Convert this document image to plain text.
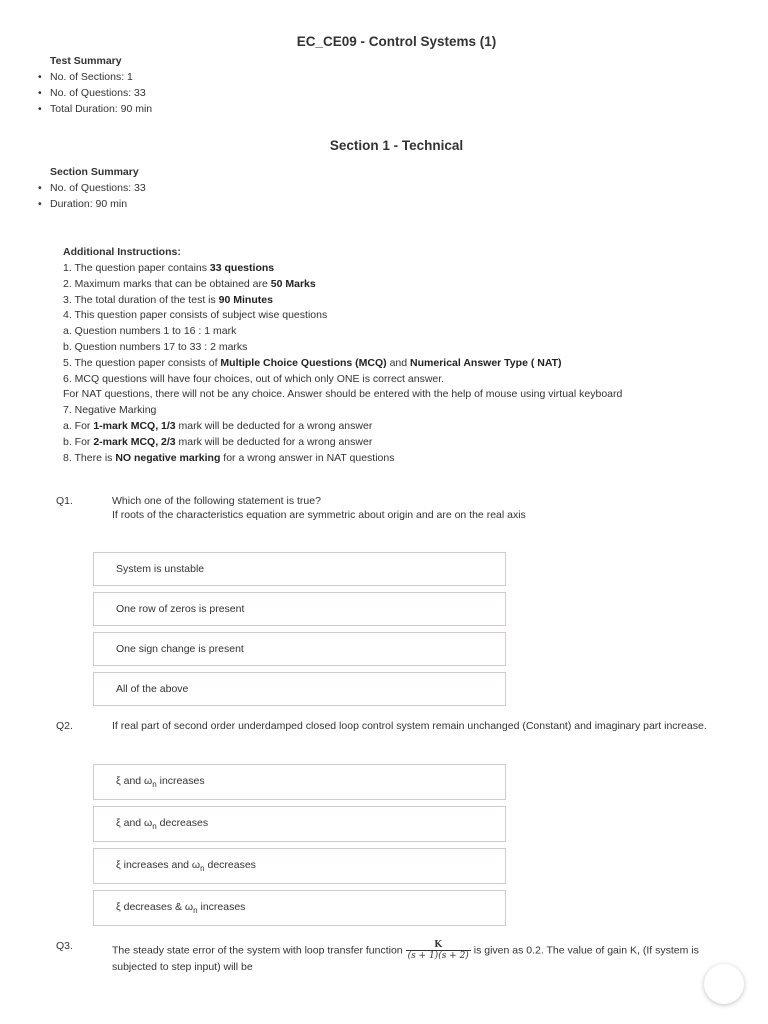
EC_CE09 - Control Systems (1)
Test Summary
• No. of Sections: 1
• No. of Questions: 33
• Total Duration: 90 min
Section 1 - Technical
Section Summary
• No. of Questions: 33
• Duration: 90 min
Additional Instructions:
1. The question paper contains 33 questions
2. Maximum marks that can be obtained are 50 Marks
3. The total duration of the test is 90 Minutes
4. This question paper consists of subject wise questions
a. Question numbers 1 to 16 : 1 mark
b. Question numbers 17 to 33 : 2 marks
5. The question paper consists of Multiple Choice Questions (MCQ) and Numerical Answer Type ( NAT)
6. MCQ questions will have four choices, out of which only ONE is correct answer.
For NAT questions, there will not be any choice. Answer should be entered with the help of mouse using virtual keyboard
7. Negative Marking
a. For 1-mark MCQ, 1/3 mark will be deducted for a wrong answer
b. For 2-mark MCQ, 2/3 mark will be deducted for a wrong answer
8. There is NO negative marking for a wrong answer in NAT questions
Q1.	Which one of the following statement is true?
If roots of the characteristics equation are symmetric about origin and are on the real axis
System is unstable
One row of zeros is present
One sign change is present
All of the above
Q2.	If real part of second order underdamped closed loop control system remain unchanged (Constant) and imaginary part increase.
ξ and $\omega_n$ increases
ξ and $\omega_n$ decreases
ξ increases and $\omega_n$ decreases
ξ decreases & $\omega_n$ increases
Q3.	The steady state error of the system with loop transfer function $\frac{K}{(s + 1)(s + 2)}$ is given as 0.2. The value of gain K, (If system is
subjected to step input) will be
